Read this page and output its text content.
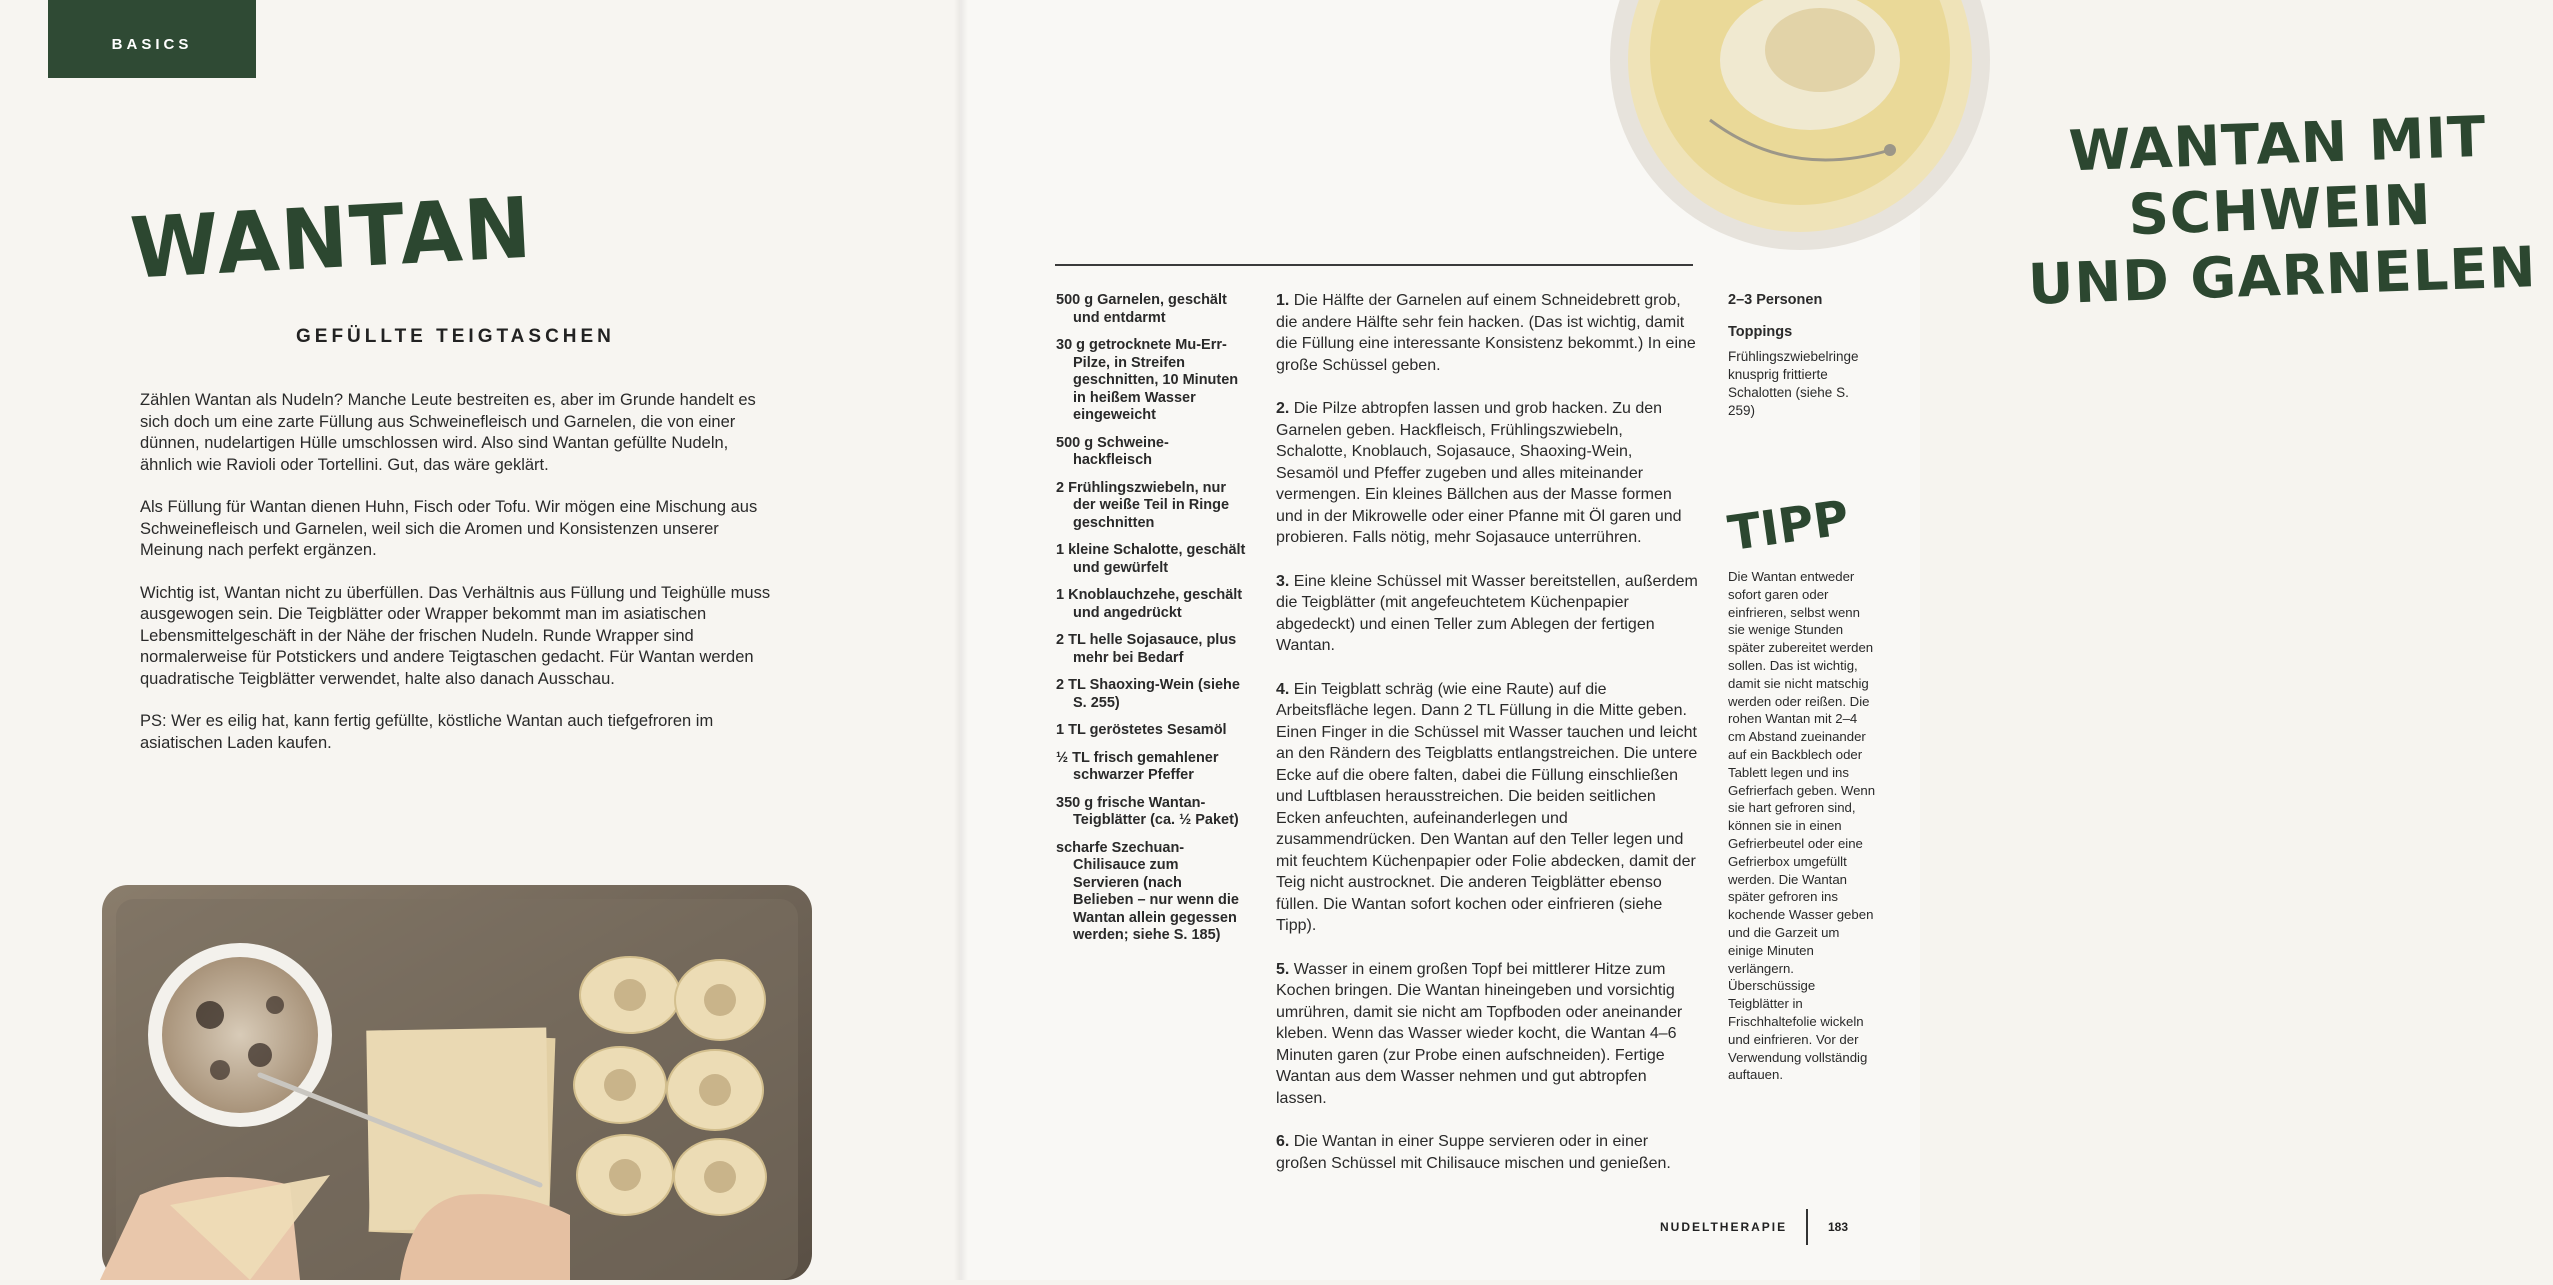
BASICS
WANTAN
GEFÜLLTE TEIGTASCHEN

Zählen Wantan als Nudeln? Manche Leute bestreiten es, aber im Grunde handelt es sich doch um eine zarte Füllung aus Schweinefleisch und Garnelen, die von einer dünnen, nudelartigen Hülle umschlossen wird. Also sind Wantan gefüllte Nudeln, ähnlich wie Ravioli oder Tortellini. Gut, das wäre geklärt.

Als Füllung für Wantan dienen Huhn, Fisch oder Tofu. Wir mögen eine Mischung aus Schweinefleisch und Garnelen, weil sich die Aromen und Konsistenzen unserer Meinung nach perfekt ergänzen.

Wichtig ist, Wantan nicht zu überfüllen. Das Verhältnis aus Füllung und Teighülle muss ausgewogen sein. Die Teigblätter oder Wrapper bekommt man im asiatischen Lebensmittelgeschäft in der Nähe der frischen Nudeln. Runde Wrapper sind normalerweise für Potstickers und andere Teigtaschen gedacht. Für Wantan werden quadratische Teigblätter verwendet, halte also danach Ausschau.

PS: Wer es eilig hat, kann fertig gefüllte, köstliche Wantan auch tiefgefroren im asiatischen Laden kaufen.

WANTAN MIT SCHWEIN
UND GARNELEN
500 g Garnelen, geschält und entdarmt
30 g getrocknete Mu-Err-Pilze, in Streifen geschnitten, 10 Minuten in heißem Wasser eingeweicht
500 g Schweine-hackfleisch
2 Frühlingszwiebeln, nur der weiße Teil in Ringe geschnitten
1 kleine Schalotte, geschält und gewürfelt
1 Knoblauchzehe, geschält und angedrückt
2 TL helle Sojasauce, plus mehr bei Bedarf
2 TL Shaoxing-Wein (siehe S. 255)
1 TL geröstetes Sesamöl
½ TL frisch gemahlener schwarzer Pfeffer
350 g frische Wantan-Teigblätter (ca. ½ Paket)
scharfe Szechuan-Chilisauce zum Servieren (nach Belieben – nur wenn die Wantan allein gegessen werden; siehe S. 185)

1. Die Hälfte der Garnelen auf einem Schneidebrett grob, die andere Hälfte sehr fein hacken. (Das ist wichtig, damit die Füllung eine interessante Konsistenz bekommt.) In eine große Schüssel geben.

2. Die Pilze abtropfen lassen und grob hacken. Zu den Garnelen geben. Hackfleisch, Frühlingszwiebeln, Schalotte, Knoblauch, Sojasauce, Shaoxing-Wein, Sesamöl und Pfeffer zugeben und alles miteinander vermengen. Ein kleines Bällchen aus der Masse formen und in der Mikrowelle oder einer Pfanne mit Öl garen und probieren. Falls nötig, mehr Sojasauce unterrühren.

3. Eine kleine Schüssel mit Wasser bereitstellen, außerdem die Teigblätter (mit angefeuchtetem Küchenpapier abgedeckt) und einen Teller zum Ablegen der fertigen Wantan.

4. Ein Teigblatt schräg (wie eine Raute) auf die Arbeitsfläche legen. Dann 2 TL Füllung in die Mitte geben. Einen Finger in die Schüssel mit Wasser tauchen und leicht an den Rändern des Teigblatts entlangstreichen. Die untere Ecke auf die obere falten, dabei die Füllung einschließen und Luftblasen herausstreichen. Die beiden seitlichen Ecken anfeuchten, aufeinanderlegen und zusammendrücken. Den Wantan auf den Teller legen und mit feuchtem Küchenpapier oder Folie abdecken, damit der Teig nicht austrocknet. Die anderen Teigblätter ebenso füllen. Die Wantan sofort kochen oder einfrieren (siehe Tipp).

5. Wasser in einem großen Topf bei mittlerer Hitze zum Kochen bringen. Die Wantan hineingeben und vorsichtig umrühren, damit sie nicht am Topfboden oder aneinander kleben. Wenn das Wasser wieder kocht, die Wantan 4–6 Minuten garen (zur Probe einen aufschneiden). Fertige Wantan aus dem Wasser nehmen und gut abtropfen lassen.

6. Die Wantan in einer Suppe servieren oder in einer großen Schüssel mit Chilisauce mischen und genießen.

2–3 Personen
Toppings
Frühlingszwiebelringe knusprig frittierte Schalotten (siehe S. 259)
TIPP
Die Wantan entweder sofort garen oder einfrieren, selbst wenn sie wenige Stunden später zubereitet werden sollen. Das ist wichtig, damit sie nicht matschig werden oder reißen. Die rohen Wantan mit 2–4 cm Abstand zueinander auf ein Backblech oder Tablett legen und ins Gefrierfach geben. Wenn sie hart gefroren sind, können sie in einen Gefrierbeutel oder eine Gefrierbox umgefüllt werden. Die Wantan später gefroren ins kochende Wasser geben und die Garzeit um einige Minuten verlängern. Überschüssige Teigblätter in Frischhaltefolie wickeln und einfrieren. Vor der Verwendung vollständig auftauen.
NUDELTHERAPIE	183
